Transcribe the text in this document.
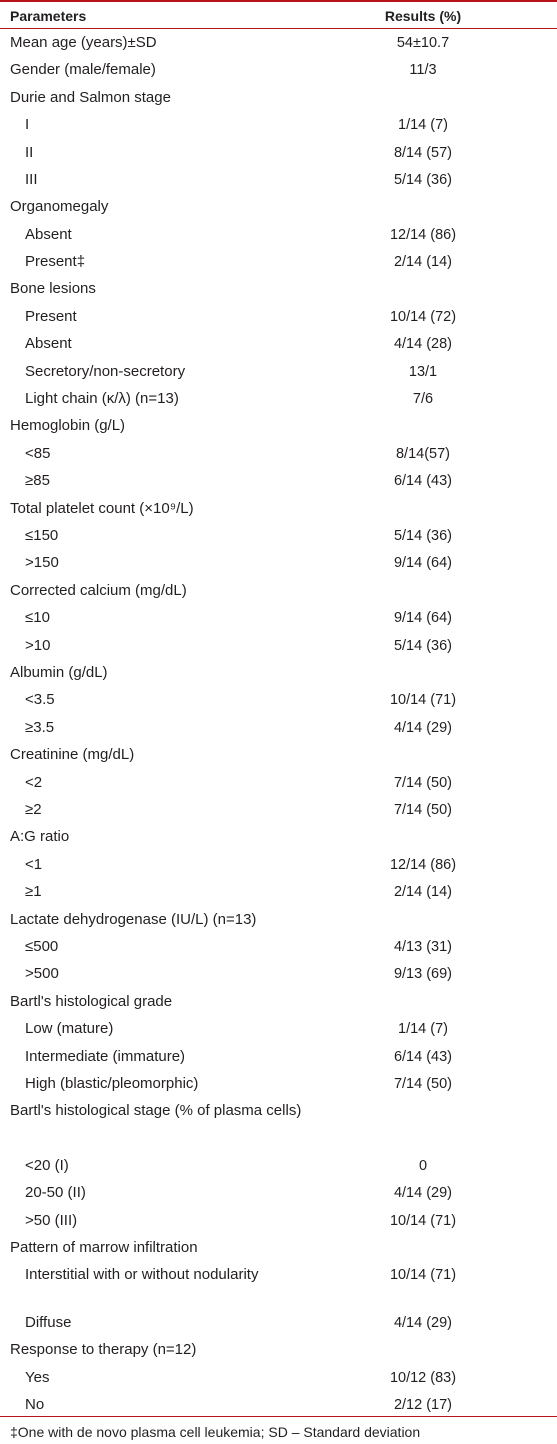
Parameters	Results (%)
Mean age (years)±SD	54±10.7
Gender (male/female)	11/3
Durie and Salmon stage
I	1/14 (7)
II	8/14 (57)
III	5/14 (36)
Organomegaly
Absent	12/14 (86)
Present‡	2/14 (14)
Bone lesions
Present	10/14 (72)
Absent	4/14 (28)
Secretory/non-secretory	13/1
Light chain (κ/λ) (n=13)	7/6
Hemoglobin (g/L)
<85	8/14(57)
≥85	6/14 (43)
Total platelet count (×10⁹/L)
≤150	5/14 (36)
>150	9/14 (64)
Corrected calcium (mg/dL)
≤10	9/14 (64)
>10	5/14 (36)
Albumin (g/dL)
<3.5	10/14 (71)
≥3.5	4/14 (29)
Creatinine (mg/dL)
<2	7/14 (50)
≥2	7/14 (50)
A:G ratio
<1	12/14 (86)
≥1	2/14 (14)
Lactate dehydrogenase (IU/L) (n=13)
≤500	4/13 (31)
>500	9/13 (69)
Bartl's histological grade
Low (mature)	1/14 (7)
Intermediate (immature)	6/14 (43)
High (blastic/pleomorphic)	7/14 (50)
Bartl's histological stage (% of plasma cells)
<20 (I)	0
20-50 (II)	4/14 (29)
>50 (III)	10/14 (71)
Pattern of marrow infiltration
Interstitial with or without nodularity	10/14 (71)
Diffuse	4/14 (29)
Response to therapy (n=12)
Yes	10/12 (83)
No	2/12 (17)
‡One with de novo plasma cell leukemia; SD – Standard deviation
